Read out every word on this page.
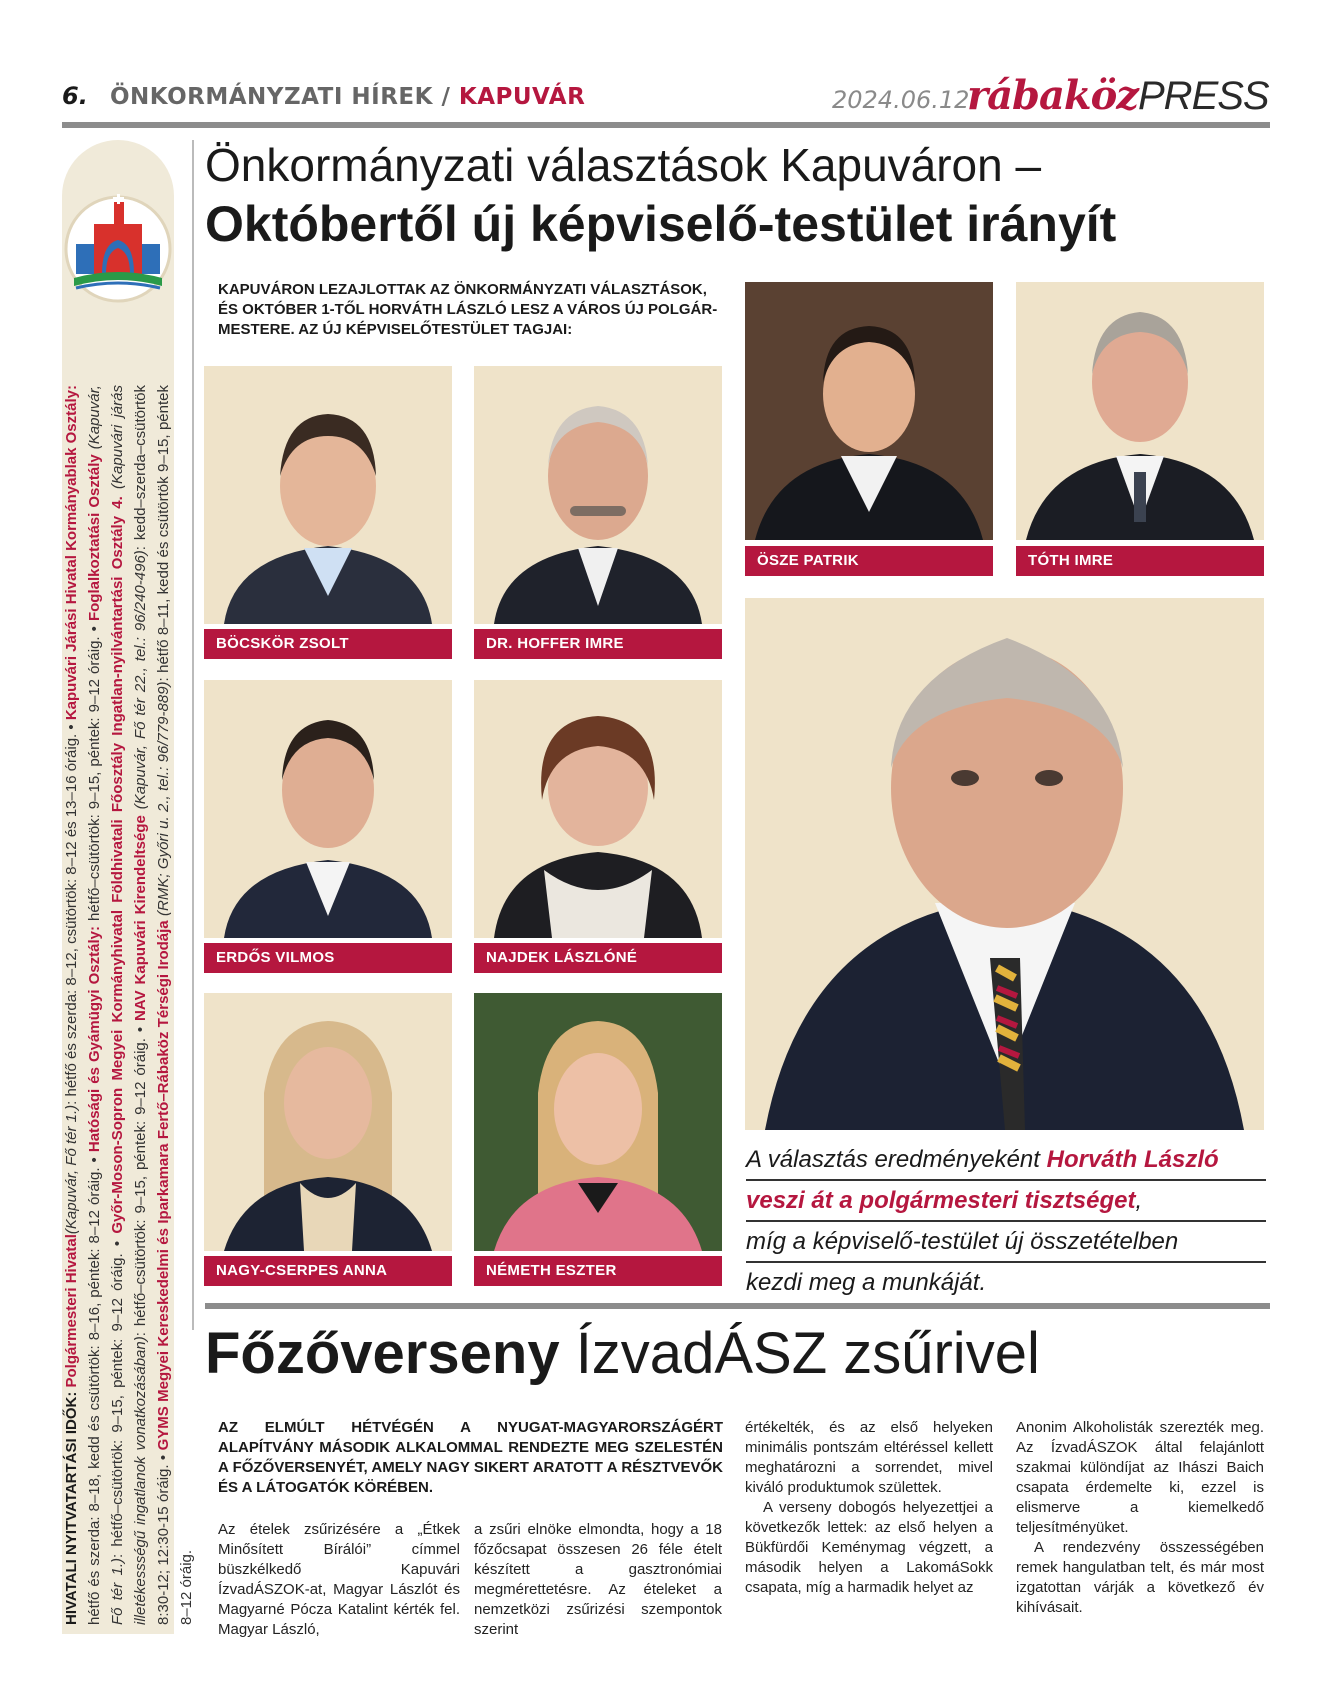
6. ÖNKORMÁNYZATI HÍREK / KAPUVÁR	2024.06.12.
rábaközPRESS
HIVATALI NYITVATARTÁSI IDŐK: Polgármesteri Hivatal(Kapuvár, Fő tér 1.): hétfő és szerda: 8–12, csütörtök: 8–12 és 13–16 óráig. • Kapuvári Járási Hivatal Kormányablak Osztály: hétfő és szerda: 8–18, kedd és csütörtök: 8–16, péntek: 8–12 óráig. • Hatósági és Gyámügyi Osztály: hétfő–csütörtök: 9–15, péntek: 9–12 óráig. • Foglalkoztatási Osztály (Kapuvár, Fő tér 1.): hétfő–csütörtök: 9–15, péntek: 9–12 óráig. • Győr-Moson-Sopron Megyei Kormányhivatal Földhivatali Főosztály Ingatlan-nyilvántartási Osztály 4. (Kapuvári járás illetékessségű ingatlanok vonatkozásában): hétfő–csütörtök: 9–15, péntek: 9–12 óráig. • NAV Kapuvári Kirendeltsége (Kapuvár, Fő tér 22., tel.: 96/240-496): kedd–szerda–csütörtök 8:30-12; 12:30-15 óráig. • GYMS Megyei Kereskedelmi és Iparkamara Fertő–Rábaköz Térségi Irodája (RMK; Győri u. 2., tel.: 96/779-889): hétfő 8–11, kedd és csütörtök 9–15, péntek 8–12 óráig.
Önkormányzati választások Kapuváron –
Októbertől új képviselő-testület irányít
KAPUVÁRON LEZAJLOTTAK AZ ÖNKORMÁNYZATI VÁLASZTÁSOK, ÉS OKTÓBER 1-TŐL HORVÁTH LÁSZLÓ LESZ A VÁROS ÚJ POLGÁR-MESTERE. AZ ÚJ KÉPVISELŐTESTÜLET TAGJAI:
BÖCSKÖR ZSOLT	DR. HOFFER IMRE
ÖSZE PATRIK	TÓTH IMRE
ERDŐS VILMOS	NAJDEK LÁSZLÓNÉ
NAGY-CSERPES ANNA	NÉMETH ESZTER
A választás eredményeként Horváth László
veszi át a polgármesteri tisztséget,
míg a képviselő-testület új összetételben
kezdi meg a munkáját.
Főzőverseny ÍzvadÁSZ zsűrivel
AZ ELMÚLT HÉTVÉGÉN A NYUGAT-MAGYARORSZÁGÉRT ALAPÍTVÁNY MÁSODIK ALKALOMMAL RENDEZTE MEG SZELESTÉN A FŐZŐVERSENYÉT, AMELY NAGY SIKERT ARATOTT A RÉSZTVEVŐK ÉS A LÁTOGATÓK KÖRÉBEN.

Az ételek zsűrizésére a „Étkek Minősített Bírálói” címmel büszkélkedő Kapuvári ÍzvadÁSZOK-at, Magyar Lászlót és Magyarné Pócza Katalint kérték fel. Magyar László,

a zsűri elnöke elmondta, hogy a 18 főzőcsapat összesen 26 féle ételt készített a gasztronómiai megmérettetésre. Az ételeket a nemzetközi zsűrizési szempontok szerint

értékelték, és az első helyeken minimális pontszám eltéréssel kellett meghatározni a sorrendet, mivel kiváló produktumok születtek.

A verseny dobogós helyezettjei a következők lettek: az első helyen a Bükfürdői Keménymag végzett, a második helyen a LakomáSokk csapata, míg a harmadik helyet az

Anonim Alkoholisták szerezték meg. Az ÍzvadÁSZOK által felajánlott szakmai különdíjat az Ihászi Baich csapata érdemelte ki, ezzel is elismerve a kiemelkedő teljesítményüket.

A rendezvény összességében remek hangulatban telt, és már most izgatottan várják a következő év kihívásait.
